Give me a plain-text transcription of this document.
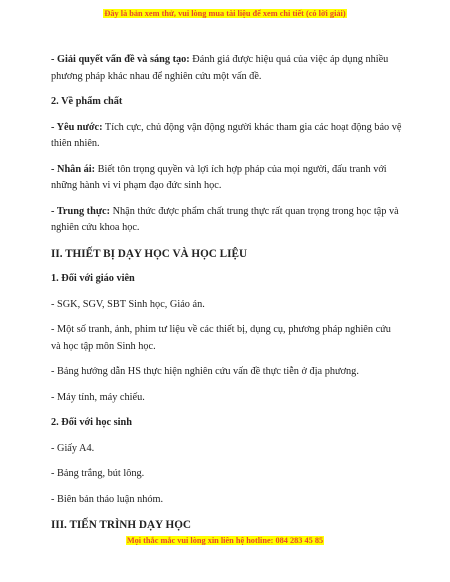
Đây là bản xem thử, vui lòng mua tài liệu để xem chi tiết (có lời giải)

- Giải quyết vấn đề và sáng tạo: Đánh giá được hiệu quả của việc áp dụng nhiều phương pháp khác nhau để nghiên cứu một vấn đề.

2. Về phẩm chất

- Yêu nước: Tích cực, chủ động vận động người khác tham gia các hoạt động bảo vệ thiên nhiên.

- Nhân ái: Biết tôn trọng quyền và lợi ích hợp pháp của mọi người, đấu tranh với những hành vi vi phạm đạo đức sinh học.

- Trung thực: Nhận thức được phẩm chất trung thực rất quan trọng trong học tập và nghiên cứu khoa học.

II. THIẾT BỊ DẠY HỌC VÀ HỌC LIỆU
1. Đối với giáo viên

- SGK, SGV, SBT Sinh học, Giáo án.

- Một số tranh, ảnh, phim tư liệu về các thiết bị, dụng cụ, phương pháp nghiên cứu và học tập môn Sinh học.

- Bảng hướng dẫn HS thực hiện nghiên cứu vấn đề thực tiễn ở địa phương.

- Máy tính, máy chiếu.

2. Đối với học sinh

- Giấy A4.

- Bảng trắng, bút lông.

- Biên bản thảo luận nhóm.

III. TIẾN TRÌNH DẠY HỌC
Mọi thắc mắc vui lòng xin liên hệ hotline: 084 283 45 85
